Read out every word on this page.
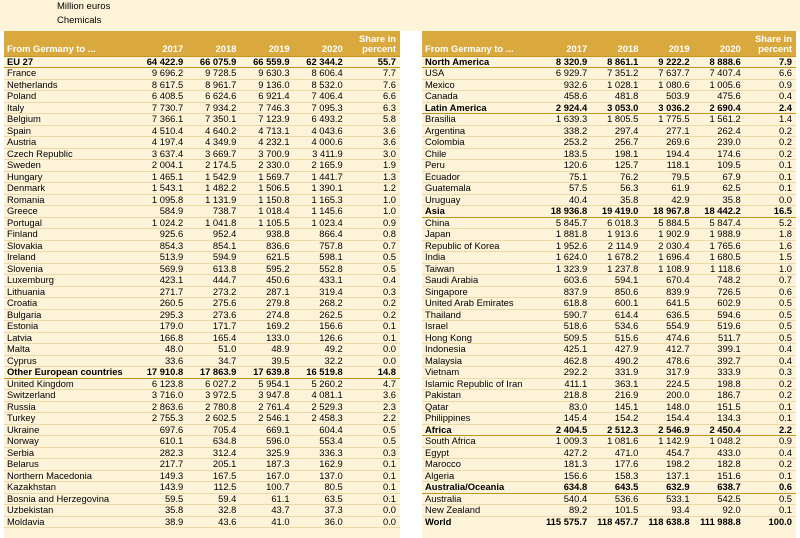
Million euros
Chemicals
From Germany to ...	2017	2018	2019	2020	Share in percent
EU 27	64 422.9	66 075.9	66 559.9	62 344.2	55.7
France	9 696.2	9 728.5	9 630.3	8 606.4	7.7
Netherlands	8 617.5	8 961.7	9 136.0	8 532.0	7.6
Poland	6 408.5	6 624.6	6 921.4	7 406.4	6.6
Italy	7 730.7	7 934.2	7 746.3	7 095.3	6.3
Belgium	7 366.1	7 350.1	7 123.9	6 493.2	5.8
Spain	4 510.4	4 640.2	4 713.1	4 043.6	3.6
Austria	4 197.4	4 349.9	4 232.1	4 000.6	3.6
Czech Republic	3 637.4	3 669.7	3 700.9	3 411.9	3.0
Sweden	2 004.1	2 174.5	2 330.0	2 165.9	1.9
Hungary	1 465.1	1 542.9	1 569.7	1 441.7	1.3
Denmark	1 543.1	1 482.2	1 506.5	1 390.1	1.2
Romania	1 095.8	1 131.9	1 150.8	1 165.3	1.0
Greece	584.9	738.7	1 018.4	1 145.6	1.0
Portugal	1 024.2	1 041.8	1 105.5	1 023.4	0.9
Finland	925.6	952.4	938.8	866.4	0.8
Slovakia	854.3	854.1	836.6	757.8	0.7
Ireland	513.9	594.9	621.5	598.1	0.5
Slovenia	569.9	613.8	595.2	552.8	0.5
Luxemburg	423.1	444.7	450.6	433.1	0.4
Lithuania	271.7	273.2	287.1	319.4	0.3
Croatia	260.5	275.6	279.8	268.2	0.2
Bulgaria	295.3	273.6	274.8	262.5	0.2
Estonia	179.0	171.7	169.2	156.6	0.1
Latvia	166.8	165.4	133.0	126.6	0.1
Malta	48.0	51.0	48.9	49.2	0.0
Cyprus	33.6	34.7	39.5	32.2	0.0
Other European countries	17 910.8	17 863.9	17 639.8	16 519.8	14.8
United Kingdom	6 123.8	6 027.2	5 954.1	5 260.2	4.7
Switzerland	3 716.0	3 972.5	3 947.8	4 081.1	3.6
Russia	2 863.6	2 780.8	2 761.4	2 529.3	2.3
Turkey	2 755.3	2 602.5	2 546.1	2 458.3	2.2
Ukraine	697.6	705.4	669.1	604.4	0.5
Norway	610.1	634.8	596.0	553.4	0.5
Serbia	282.3	312.4	325.9	336.3	0.3
Belarus	217.7	205.1	187.3	162.9	0.1
Northern Macedonia	149.3	167.5	167.0	137.0	0.1
Kazakhstan	143.9	112.5	100.7	80.5	0.1
Bosnia and Herzegovina	59.5	59.4	61.1	63.5	0.1
Uzbekistan	35.8	32.8	43.7	37.3	0.0
Moldavia	38.9	43.6	41.0	36.0	0.0
From Germany to ...	2017	2018	2019	2020	Share in percent
North America	8 320.9	8 861.1	9 222.2	8 888.6	7.9
USA	6 929.7	7 351.2	7 637.7	7 407.4	6.6
Mexico	932.6	1 028.1	1 080.6	1 005.6	0.9
Canada	458.6	481.8	503.9	475.6	0.4
Latin America	2 924.4	3 053.0	3 036.2	2 690.4	2.4
Brasilia	1 639.3	1 805.5	1 775.5	1 561.2	1.4
Argentina	338.2	297.4	277.1	262.4	0.2
Colombia	253.2	256.7	269.6	239.0	0.2
Chile	183.5	198.1	194.4	174.6	0.2
Peru	120.6	125.7	118.1	109.5	0.1
Ecuador	75.1	76.2	79.5	67.9	0.1
Guatemala	57.5	56.3	61.9	62.5	0.1
Uruguay	40.4	35.8	42.9	35.8	0.0
Asia	18 936.8	19 419.0	18 967.8	18 442.2	16.5
China	5 845.7	6 018.3	5 884.5	5 847.4	5.2
Japan	1 881.8	1 913.6	1 902.9	1 988.9	1.8
Republic of Korea	1 952.6	2 114.9	2 030.4	1 765.6	1.6
India	1 624.0	1 678.2	1 696.4	1 680.5	1.5
Taiwan	1 323.9	1 237.8	1 108.9	1 118.6	1.0
Saudi Arabia	603.6	594.1	670.4	748.2	0.7
Singapore	837.9	850.6	839.9	726.5	0.6
United Arab Emirates	618.8	600.1	641.5	602.9	0.5
Thailand	590.7	614.4	636.5	594.6	0.5
Israel	518.6	534.6	554.9	519.6	0.5
Hong Kong	509.5	515.6	474.6	511.7	0.5
Indonesia	425.1	427.9	412.7	399.1	0.4
Malaysia	462.8	490.2	478.6	392.7	0.4
Vietnam	292.2	331.9	317.9	333.9	0.3
Islamic Republic of Iran	411.1	363.1	224.5	198.8	0.2
Pakistan	218.8	216.9	200.0	186.7	0.2
Qatar	83.0	145.1	148.0	151.5	0.1
Philippines	145.4	154.2	154.4	134.3	0.1
Africa	2 404.5	2 512.3	2 546.9	2 450.4	2.2
South Africa	1 009.3	1 081.6	1 142.9	1 048.2	0.9
Egypt	427.2	471.0	454.7	433.0	0.4
Marocco	181.3	177.6	198.2	182.8	0.2
Algeria	156.6	158.3	137.1	151.6	0.1
Australia/Oceania	634.8	643.5	632.9	638.7	0.6
Australia	540.4	536.6	533.1	542.5	0.5
New Zealand	89.2	101.5	93.4	92.0	0.1
World	115 575.7	118 457.7	118 638.8	111 988.8	100.0
